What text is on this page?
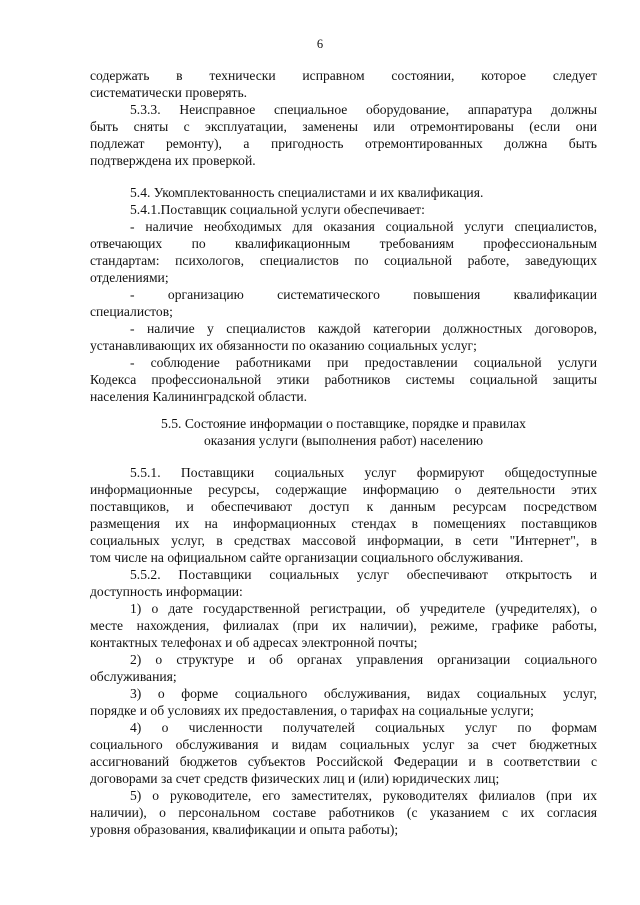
6
содержать в технически исправном состоянии, которое следует
систематически проверять.
5.3.3. Неисправное специальное оборудование, аппаратура должны
быть сняты с эксплуатации, заменены или отремонтированы (если они
подлежат ремонту), а пригодность отремонтированных должна быть
подтверждена их проверкой.
5.4. Укомплектованность специалистами и их квалификация.
5.4.1.Поставщик социальной услуги обеспечивает:
- наличие необходимых для оказания социальной услуги специалистов,
отвечающих по квалификационным требованиям профессиональным
стандартам: психологов, специалистов по социальной работе, заведующих
отделениями;
- организацию систематического повышения квалификации
специалистов;
- наличие у специалистов каждой категории должностных договоров,
устанавливающих их обязанности по оказанию социальных услуг;
- соблюдение работниками при предоставлении социальной услуги
Кодекса профессиональной этики работников системы социальной защиты
населения Калининградской области.
5.5. Состояние информации о поставщике, порядке и правилах
оказания услуги (выполнения работ) населению
5.5.1. Поставщики социальных услуг формируют общедоступные
информационные ресурсы, содержащие информацию о деятельности этих
поставщиков, и обеспечивают доступ к данным ресурсам посредством
размещения их на информационных стендах в помещениях поставщиков
социальных услуг, в средствах массовой информации, в сети "Интернет", в
том числе на официальном сайте организации социального обслуживания.
5.5.2. Поставщики социальных услуг обеспечивают открытость и
доступность информации:
1) о дате государственной регистрации, об учредителе (учредителях), о
месте нахождения, филиалах (при их наличии), режиме, графике работы,
контактных телефонах и об адресах электронной почты;
2) о структуре и об органах управления организации социального
обслуживания;
3) о форме социального обслуживания, видах социальных услуг,
порядке и об условиях их предоставления, о тарифах на социальные услуги;
4) о численности получателей социальных услуг по формам
социального обслуживания и видам социальных услуг за счет бюджетных
ассигнований бюджетов субъектов Российской Федерации и в соответствии с
договорами за счет средств физических лиц и (или) юридических лиц;
5) о руководителе, его заместителях, руководителях филиалов (при их
наличии), о персональном составе работников (с указанием с их согласия
уровня образования, квалификации и опыта работы);
